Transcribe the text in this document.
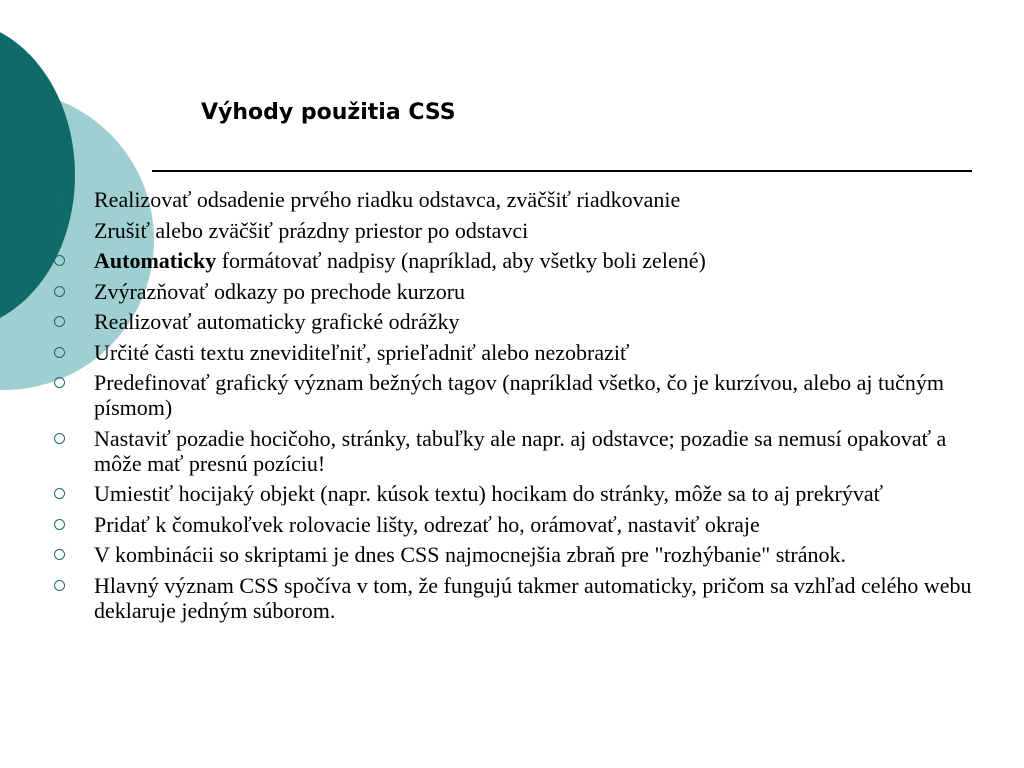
Výhody použitia CSS
Realizovať odsadenie prvého riadku odstavca, zväčšiť riadkovanie
Zrušiť alebo zväčšiť prázdny priestor po odstavci
Automaticky formátovať nadpisy (napríklad, aby všetky boli zelené)
Zvýrazňovať odkazy po prechode kurzoru
Realizovať automaticky grafické odrážky
Určité časti textu zneviditeľniť, sprieľadniť alebo nezobraziť
Predefinovať grafický význam bežných tagov (napríklad všetko, čo je kurzívou, alebo aj tučným písmom)
Nastaviť pozadie hocičoho, stránky, tabuľky ale napr. aj odstavce; pozadie sa nemusí opakovať a môže mať presnú pozíciu!
Umiestiť hocijaký objekt (napr. kúsok textu) hocikam do stránky, môže sa to aj prekrývať
Pridať k čomukoľvek rolovacie lišty, odrezať ho, orámovať, nastaviť okraje
V kombinácii so skriptami je dnes CSS najmocnejšia zbraň pre "rozhýbanie" stránok.
Hlavný význam CSS spočíva v tom, že fungujú takmer automaticky, pričom sa vzhľad celého webu deklaruje jedným súborom.
